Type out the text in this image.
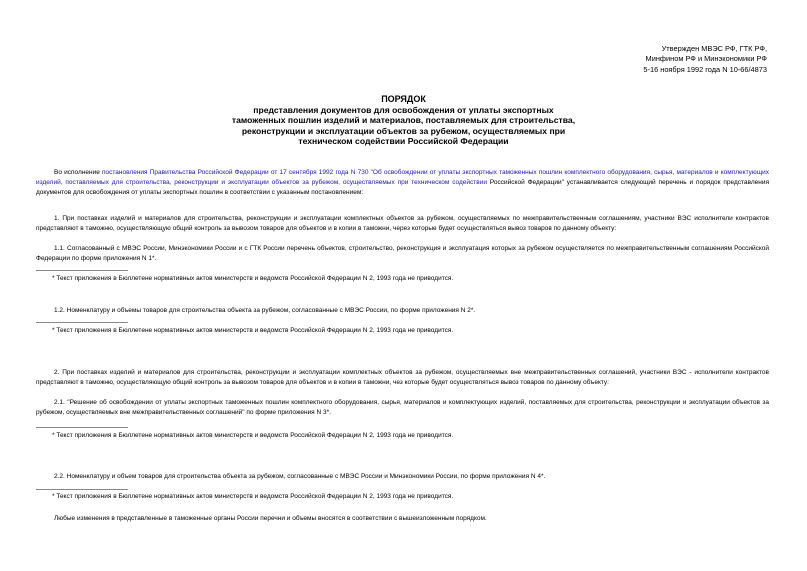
Утвержден МВЭС РФ, ГТК РФ,
Минфином РФ и Минэкономики РФ
5-16 ноября 1992 года N 10-66/4873
ПОРЯДОК
представления документов для освобождения от уплаты экспортных
таможенных пошлин изделий и материалов, поставляемых для строительства,
реконструкции и эксплуатации объектов за рубежом, осуществляемых при
техническом содействии Российской Федерации
Во исполнение постановления Правительства Российской Федерации от 17 сентября 1992 года N 730 "Об освобождении от уплаты экспортных таможенных пошлин комплектного оборудования, сырья, материалов и комплектующих изделий, поставляемых для строительства, реконструкции и эксплуатации объектов за рубежом, осуществляемых при техническом содействии Российской Федерации" устанавливается следующий перечень и порядок представления документов для освобождения от уплаты экспортных пошлин в соответствии с указанным постановлением:
1. При поставках изделий и материалов для строительства, реконструкции и эксплуатации комплектных объектов за рубежом, осуществляемых по межправительственным соглашениям, участники ВЭС исполнители контрактов представляют в таможню, осуществляющую общий контроль за вывозом товаров для объектов и в копии в таможни, через которые будет осуществляться вывоз товаров по данному объекту:
1.1. Согласованный с МВЭС России, Минэкономики России и с ГТК России перечень объектов, строительство, реконструкция и эксплуатация которых за рубежом осуществляется по межправительственным соглашениям Российской Федерации по форме приложения N 1*.
* Текст приложения в Бюллетене нормативных актов министерств и ведомств Российской Федерации N 2, 1993 года не приводится.
1.2. Номенклатуру и объемы товаров для строительства объекта за рубежом, согласованные с МВЭС России, по форме приложения N 2*.
* Текст приложения в Бюллетене нормативных актов министерств и ведомств Российской Федерации N 2, 1993 года не приводится.
2. При поставках изделий и материалов для строительства, реконструкции и эксплуатации комплектных объектов за рубежом, осуществляемых вне межправительственных соглашений, участники ВЭС - исполнители контрактов представляют в таможню, осуществляющую общий контроль за вывозом товаров для объектов и в копии в таможни, чез которые будет осуществляться вывоз товаров по данному объекту:
2.1. "Решение об освобождении от уплаты экспортных таможенных пошлин комплектного оборудования, сырья, материалов и комплектующих изделий, поставляемых для строительства, реконструкции и эксплуатации объектов за рубежом, осуществляемых вне межправительственных соглашений" по форме приложения N 3*.
* Текст приложения в Бюллетене нормативных актов министерств и ведомств Российской Федерации N 2, 1993 года не приводится.
2.2. Номенклатуру и объем товаров для строительства объекта за рубежом, согласованные с МВЭС России и Минэкономики России, по форме приложения N 4*.
* Текст приложения в Бюллетене нормативных актов министерств и ведомств Российской Федерации N 2, 1993 года не приводится.
Любые изменения в представленные в таможенные органы России перечни и объемы вносятся в соответствии с вышеизложенным порядком.
